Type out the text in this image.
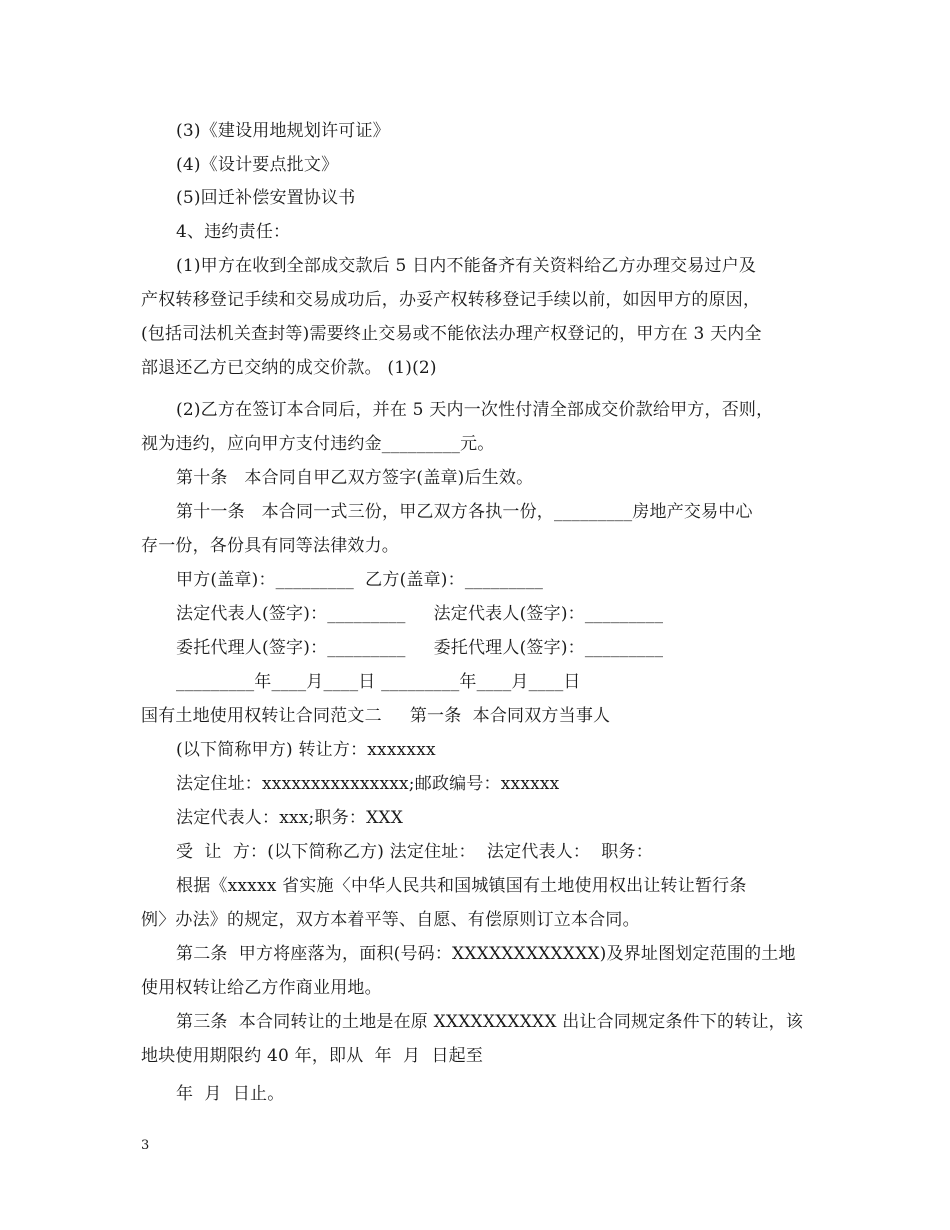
(3)《建设用地规划许可证》
(4)《设计要点批文》
(5)回迁补偿安置协议书
4、违约责任：
(1)甲方在收到全部成交款后 5 日内不能备齐有关资料给乙方办理交易过户及
产权转移登记手续和交易成功后，办妥产权转移登记手续以前，如因甲方的原因，
(包括司法机关查封等)需要终止交易或不能依法办理产权登记的，甲方在 3 天内全
部退还乙方已交纳的成交价款。 (1)(2)
(2)乙方在签订本合同后，并在 5 天内一次性付清全部成交价款给甲方，否则，
视为违约，应向甲方支付违约金_________元。
第十条   本合同自甲乙双方签字(盖章)后生效。
第十一条   本合同一式三份，甲乙双方各执一份，_________房地产交易中心
存一份，各份具有同等法律效力。
甲方(盖章)：_________  乙方(盖章)：_________
法定代表人(签字)：_________     法定代表人(签字)：_________
委托代理人(签字)：_________     委托代理人(签字)：_________
_________年____月____日 _________年____月____日
国有土地使用权转让合同范文二     第一条  本合同双方当事人
(以下简称甲方) 转让方：xxxxxxx
法定住址：xxxxxxxxxxxxxxx;邮政编号：xxxxxx
法定代表人：xxx;职务：XXX
受  让  方：(以下简称乙方) 法定住址：  法定代表人：  职务：
根据《xxxxx 省实施〈中华人民共和国城镇国有土地使用权出让转让暂行条
例〉办法》的规定，双方本着平等、自愿、有偿原则订立本合同。
第二条  甲方将座落为，面积(号码：XXXXXXXXXXXX)及界址图划定范围的土地
使用权转让给乙方作商业用地。
第三条  本合同转让的土地是在原 XXXXXXXXXX 出让合同规定条件下的转让，该
地块使用期限约 40 年，即从  年  月  日起至
年  月  日止。
3
